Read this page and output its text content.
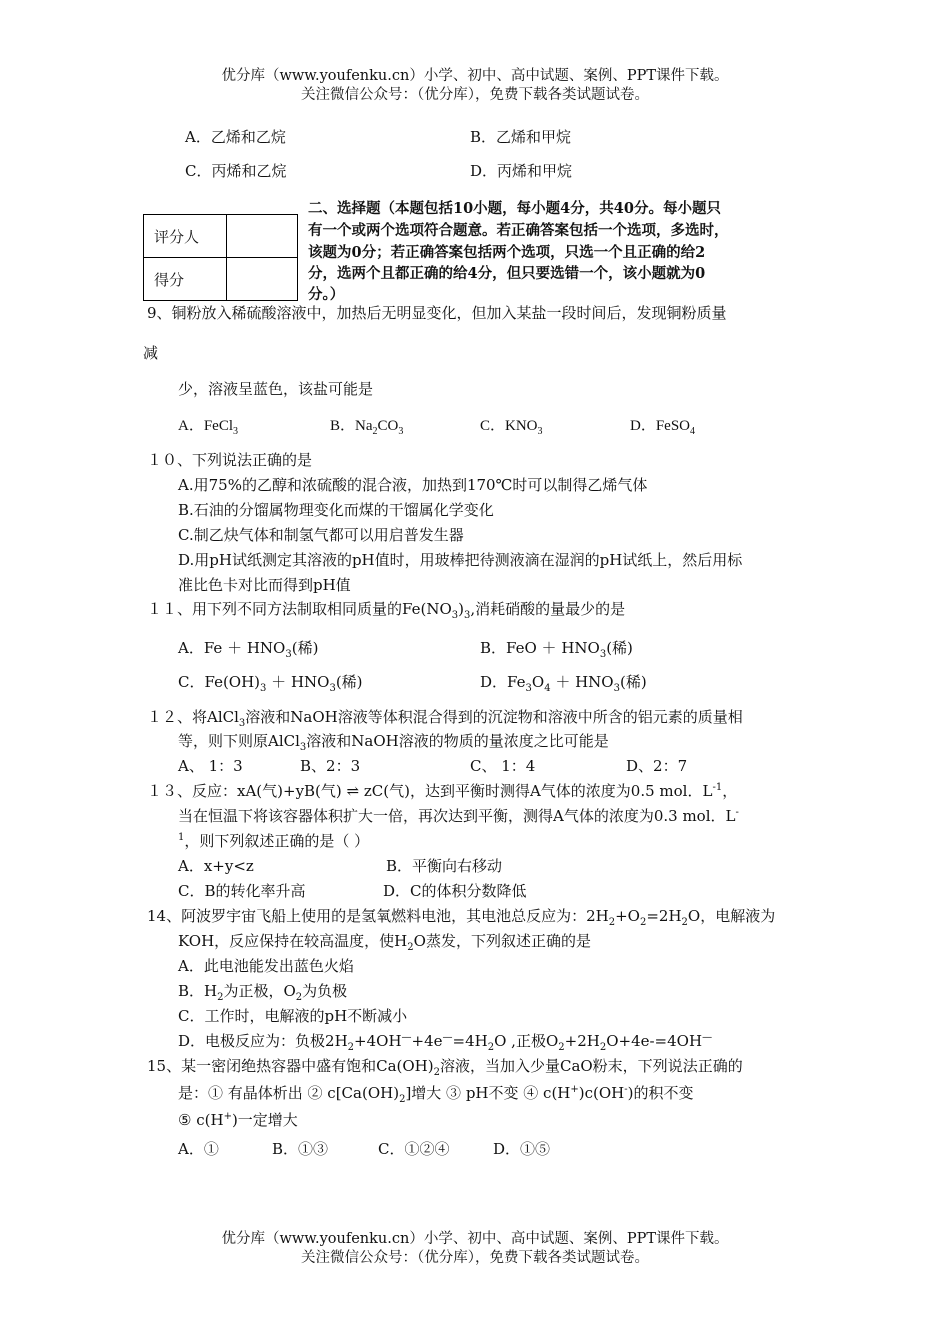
优分库（www.youfenku.cn）小学、初中、高中试题、案例、PPT课件下载。
关注微信公众号：（优分库），免费下载各类试题试卷。
A．乙烯和乙烷	B．乙烯和甲烷
C．丙烯和乙烷	D．丙烯和甲烷
评分人	
得分	
二、选择题（本题包括10小题，每小题4分，共40分。每小题只
有一个或两个选项符合题意。若正确答案包括一个选项，多选时，
该题为0分；若正确答案包括两个选项，只选一个且正确的给2
分，选两个且都正确的给4分，但只要选错一个，该小题就为0
分。）
9、铜粉放入稀硫酸溶液中，加热后无明显变化，但加入某盐一段时间后，发现铜粉质量
减
少，溶液呈蓝色，该盐可能是
A．FeCl$_3$	B．$Na_2CO_3$	C．$KNO_3$	D．FeSO$_4$
１０、下列说法正确的是
A.用75%的乙醇和浓硫酸的混合液，加热到170℃时可以制得乙烯气体
B.石油的分馏属物理变化而煤的干馏属化学变化
C.制乙炔气体和制氢气都可以用启普发生器
D.用pH试纸测定其溶液的pH值时，用玻棒把待测液滴在湿润的pH试纸上，然后用标
准比色卡对比而得到pH值
１１、用下列不同方法制取相同质量的$Fe(NO_3)_3$,消耗硝酸的量最少的是
A．$Fe + HNO_3$(稀)	B．FeO ＋ $HNO_3$(稀)
C．$Fe(OH)_3 + HNO_3$(稀)	D．$Fe_3O_4 + HNO_3$(稀)
１２、将AlCl$_3$溶液和NaOH溶液等体积混合得到的沉淀物和溶液中所含的铝元素的质量相
等，则下则原AlCl$_3$溶液和NaOH溶液的物质的量浓度之比可能是
A、 1：3	B、2：3	C、 1：4	D、2：7
１３、反应：xA(气)+yB(气) ⇌ zC(气)，达到平衡时测得A气体的浓度为0.5 mol．$L^{-1}$，
当在恒温下将该容器体积扩大一倍，再次达到平衡，测得A气体的浓度为0.3 mol．L-
$^1$，则下列叙述正确的是（ ）
A．x+y<z	B．平衡向右移动
C．B的转化率升高	D．C的体积分数降低
14、阿波罗宇宙飞船上使用的是氢氧燃料电池，其电池总反应为：$2H_2+O_2=2H_2O$，电解液为
KOH，反应保持在较高温度，使$H_2O$蒸发，下列叙述正确的是
A．此电池能发出蓝色火焰
B．$H_2$为正极，$O_2$为负极
C．工作时，电解液的pH不断减小
D．电极反应为：负极$2H_2+4OH^—+4e^—=4H_2O$ ,正极$O_2+2H_2O+4e-=4OH^—$
15、某一密闭绝热容器中盛有饱和$Ca(OH)_2$溶液，当加入少量CaO粉末，下列说法正确的
是：① 有晶体析出 ② $c[Ca(OH)_2]$增大 ③ pH不变 ④ c(H+)c(OH-)的积不变
⑤ c(H+)一定增大
A．①	B．①③	C．①②④	D．①⑤
优分库（www.youfenku.cn）小学、初中、高中试题、案例、PPT课件下载。
关注微信公众号：（优分库），免费下载各类试题试卷。
